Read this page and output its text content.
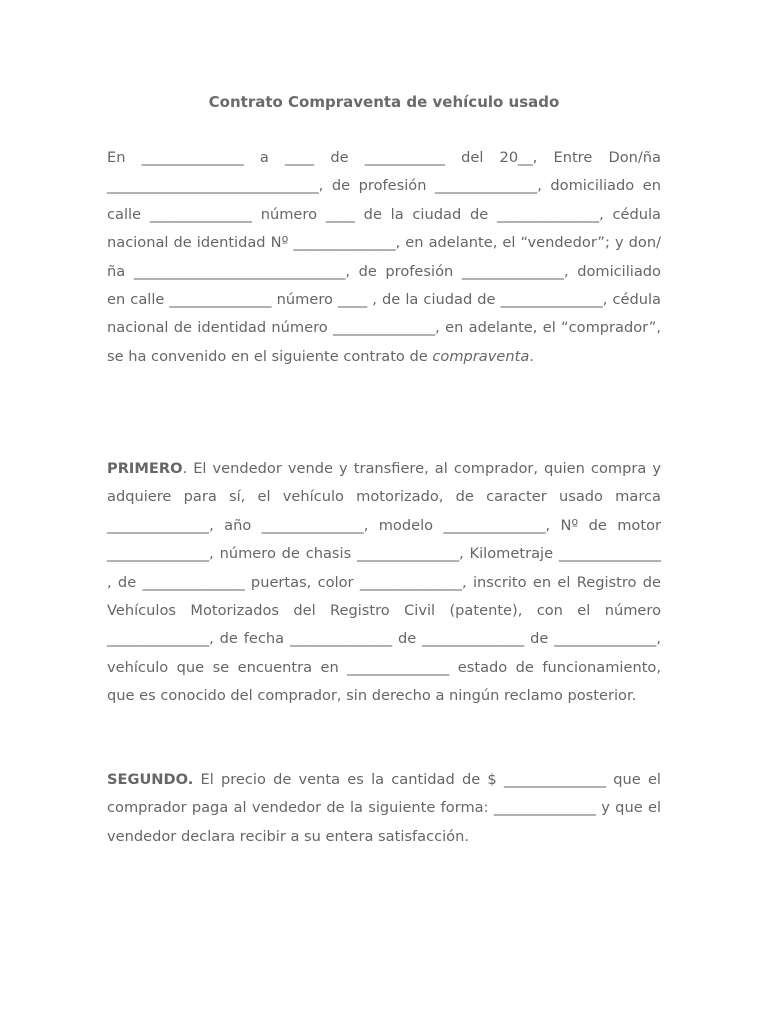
Contrato Compraventa de vehículo usado

En ______________ a ____ de ___________ del 20__, Entre Don/ña _____________________________, de profesión ______________, domiciliado en calle ______________ número ____ de la ciudad de ______________, cédula nacional de identidad Nº ______________, en adelante, el “vendedor”; y don/ña _____________________________, de profesión ______________, domiciliado en calle ______________ número ____ , de la ciudad de ______________, cédula nacional de identidad número ______________, en adelante, el “comprador”, se ha convenido en el siguiente contrato de compraventa.

PRIMERO. El vendedor vende y transfiere, al comprador, quien compra y adquiere para sí, el vehículo motorizado, de caracter usado marca ______________, año ______________, modelo ______________, Nº de motor ______________, número de chasis ______________, Kilometraje ______________ , de ______________ puertas, color ______________, inscrito en el Registro de Vehículos Motorizados del Registro Civil (patente), con el número ______________, de fecha ______________ de ______________ de ______________, vehículo que se encuentra en ______________ estado de funcionamiento, que es conocido del comprador, sin derecho a ningún reclamo posterior.

SEGUNDO. El precio de venta es la cantidad de $ ______________ que el comprador paga al vendedor de la siguiente forma: ______________ y que el vendedor declara recibir a su entera satisfacción.
